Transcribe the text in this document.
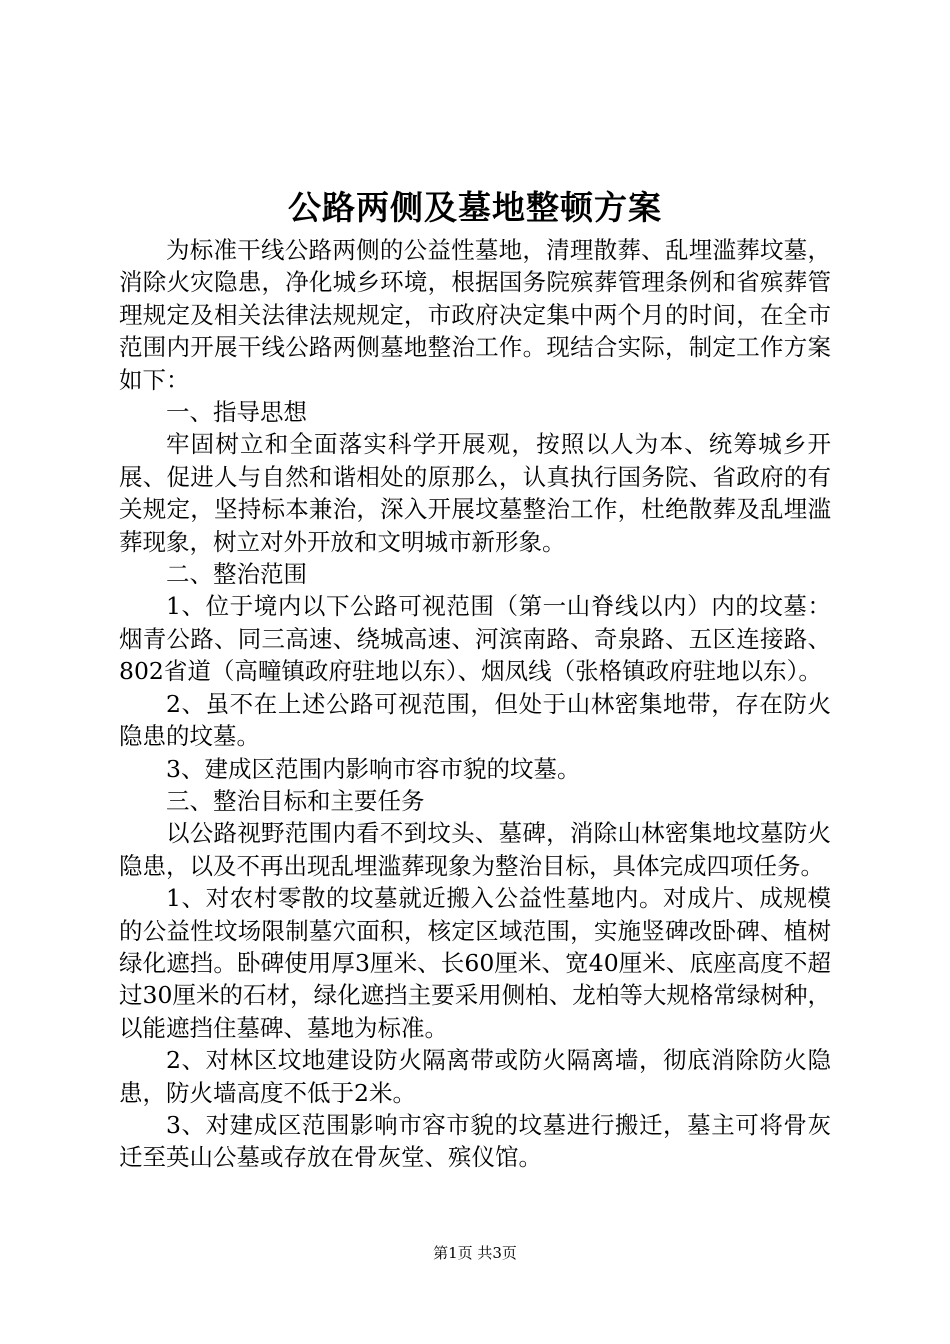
公路两侧及墓地整顿方案

为标准干线公路两侧的公益性墓地，清理散葬、乱埋滥葬坟墓，消除火灾隐患，净化城乡环境，根据国务院殡葬管理条例和省殡葬管理规定及相关法律法规规定，市政府决定集中两个月的时间，在全市范围内开展干线公路两侧墓地整治工作。现结合实际，制定工作方案如下：

一、指导思想

牢固树立和全面落实科学开展观，按照以人为本、统筹城乡开展、促进人与自然和谐相处的原那么，认真执行国务院、省政府的有关规定，坚持标本兼治，深入开展坟墓整治工作，杜绝散葬及乱埋滥葬现象，树立对外开放和文明城市新形象。

二、整治范围

1、位于境内以下公路可视范围（第一山脊线以内）内的坟墓：烟青公路、同三高速、绕城高速、河滨南路、奇泉路、五区连接路、802省道（高疃镇政府驻地以东）、烟凤线（张格镇政府驻地以东）。

2、虽不在上述公路可视范围，但处于山林密集地带，存在防火隐患的坟墓。

3、建成区范围内影响市容市貌的坟墓。

三、整治目标和主要任务

以公路视野范围内看不到坟头、墓碑，消除山林密集地坟墓防火隐患，以及不再出现乱埋滥葬现象为整治目标，具体完成四项任务。

1、对农村零散的坟墓就近搬入公益性墓地内。对成片、成规模的公益性坟场限制墓穴面积，核定区域范围，实施竖碑改卧碑、植树绿化遮挡。卧碑使用厚3厘米、长60厘米、宽40厘米、底座高度不超过30厘米的石材，绿化遮挡主要采用侧柏、龙柏等大规格常绿树种，以能遮挡住墓碑、墓地为标准。

2、对林区坟地建设防火隔离带或防火隔离墙，彻底消除防火隐患，防火墙高度不低于2米。

3、对建成区范围影响市容市貌的坟墓进行搬迁，墓主可将骨灰迁至英山公墓或存放在骨灰堂、殡仪馆。

第1页 共3页
